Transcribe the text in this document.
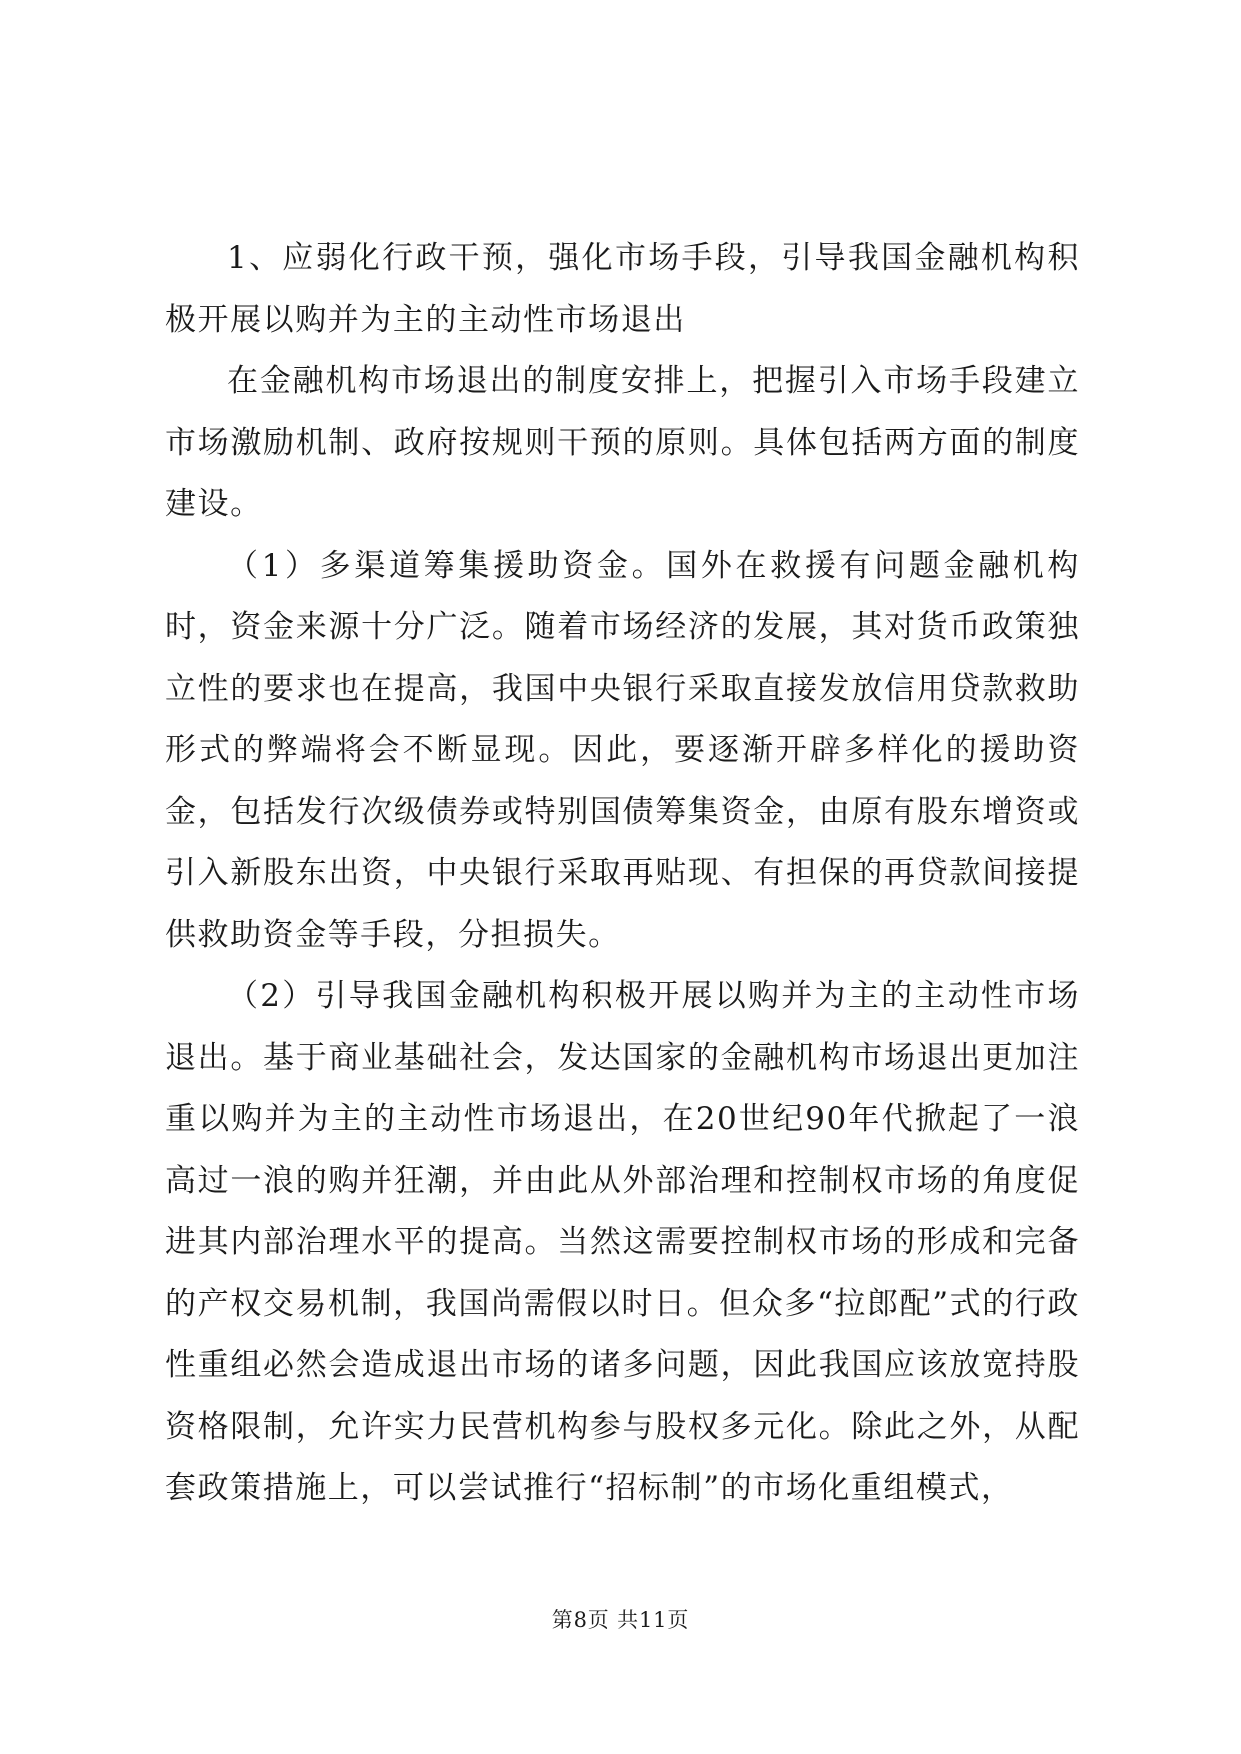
1、应弱化行政干预，强化市场手段，引导我国金融机构积极开展以购并为主的主动性市场退出

在金融机构市场退出的制度安排上，把握引入市场手段建立市场激励机制、政府按规则干预的原则。具体包括两方面的制度建设。

（1）多渠道筹集援助资金。国外在救援有问题金融机构时，资金来源十分广泛。随着市场经济的发展，其对货币政策独立性的要求也在提高，我国中央银行采取直接发放信用贷款救助形式的弊端将会不断显现。因此，要逐渐开辟多样化的援助资金，包括发行次级债券或特别国债筹集资金，由原有股东增资或引入新股东出资，中央银行采取再贴现、有担保的再贷款间接提供救助资金等手段，分担损失。

（2）引导我国金融机构积极开展以购并为主的主动性市场退出。基于商业基础社会，发达国家的金融机构市场退出更加注重以购并为主的主动性市场退出，在20世纪90年代掀起了一浪高过一浪的购并狂潮，并由此从外部治理和控制权市场的角度促进其内部治理水平的提高。当然这需要控制权市场的形成和完备的产权交易机制，我国尚需假以时日。但众多“拉郎配”式的行政性重组必然会造成退出市场的诸多问题，因此我国应该放宽持股资格限制，允许实力民营机构参与股权多元化。除此之外，从配套政策措施上，可以尝试推行“招标制”的市场化重组模式，

第8页 共11页
